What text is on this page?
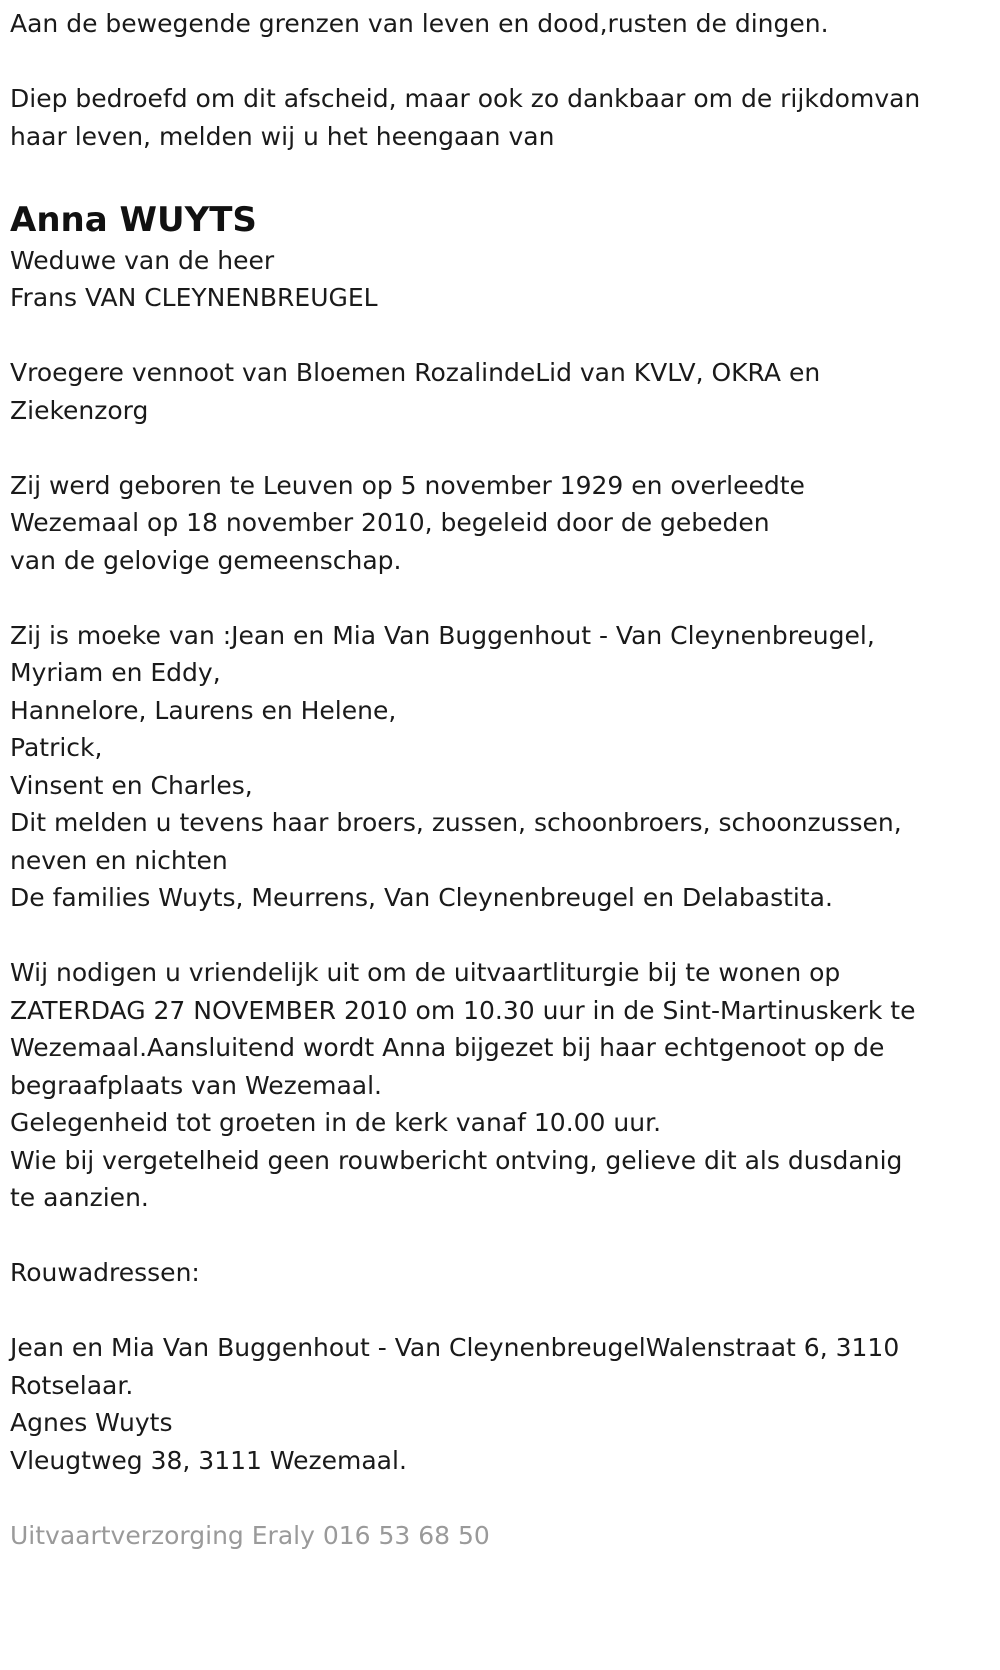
Aan de bewegende grenzen van leven en dood,rusten de dingen.
Diep bedroefd om dit afscheid, maar ook zo dankbaar om de rijkdomvan
haar leven, melden wij u het heengaan van
Anna WUYTS
Weduwe van de heer
Frans VAN CLEYNENBREUGEL
Vroegere vennoot van Bloemen RozalindeLid van KVLV, OKRA en
Ziekenzorg
Zij werd geboren te Leuven op 5 november 1929 en overleedte
Wezemaal op 18 november 2010, begeleid door de gebeden
van de gelovige gemeenschap.
Zij is moeke van :Jean en Mia Van Buggenhout - Van Cleynenbreugel,
Myriam en Eddy,
Hannelore, Laurens en Helene,
Patrick,
Vinsent en Charles,
Dit melden u tevens haar broers, zussen, schoonbroers, schoonzussen,
neven en nichten
De families Wuyts, Meurrens, Van Cleynenbreugel en Delabastita.
Wij nodigen u vriendelijk uit om de uitvaartliturgie bij te wonen op
ZATERDAG 27 NOVEMBER 2010 om 10.30 uur in de Sint-Martinuskerk te
Wezemaal.Aansluitend wordt Anna bijgezet bij haar echtgenoot op de
begraafplaats van Wezemaal.
Gelegenheid tot groeten in de kerk vanaf 10.00 uur.
Wie bij vergetelheid geen rouwbericht ontving, gelieve dit als dusdanig
te aanzien.
Rouwadressen:
Jean en Mia Van Buggenhout - Van CleynenbreugelWalenstraat 6, 3110
Rotselaar.
Agnes Wuyts
Vleugtweg 38, 3111 Wezemaal.
Uitvaartverzorging Eraly 016 53 68 50
